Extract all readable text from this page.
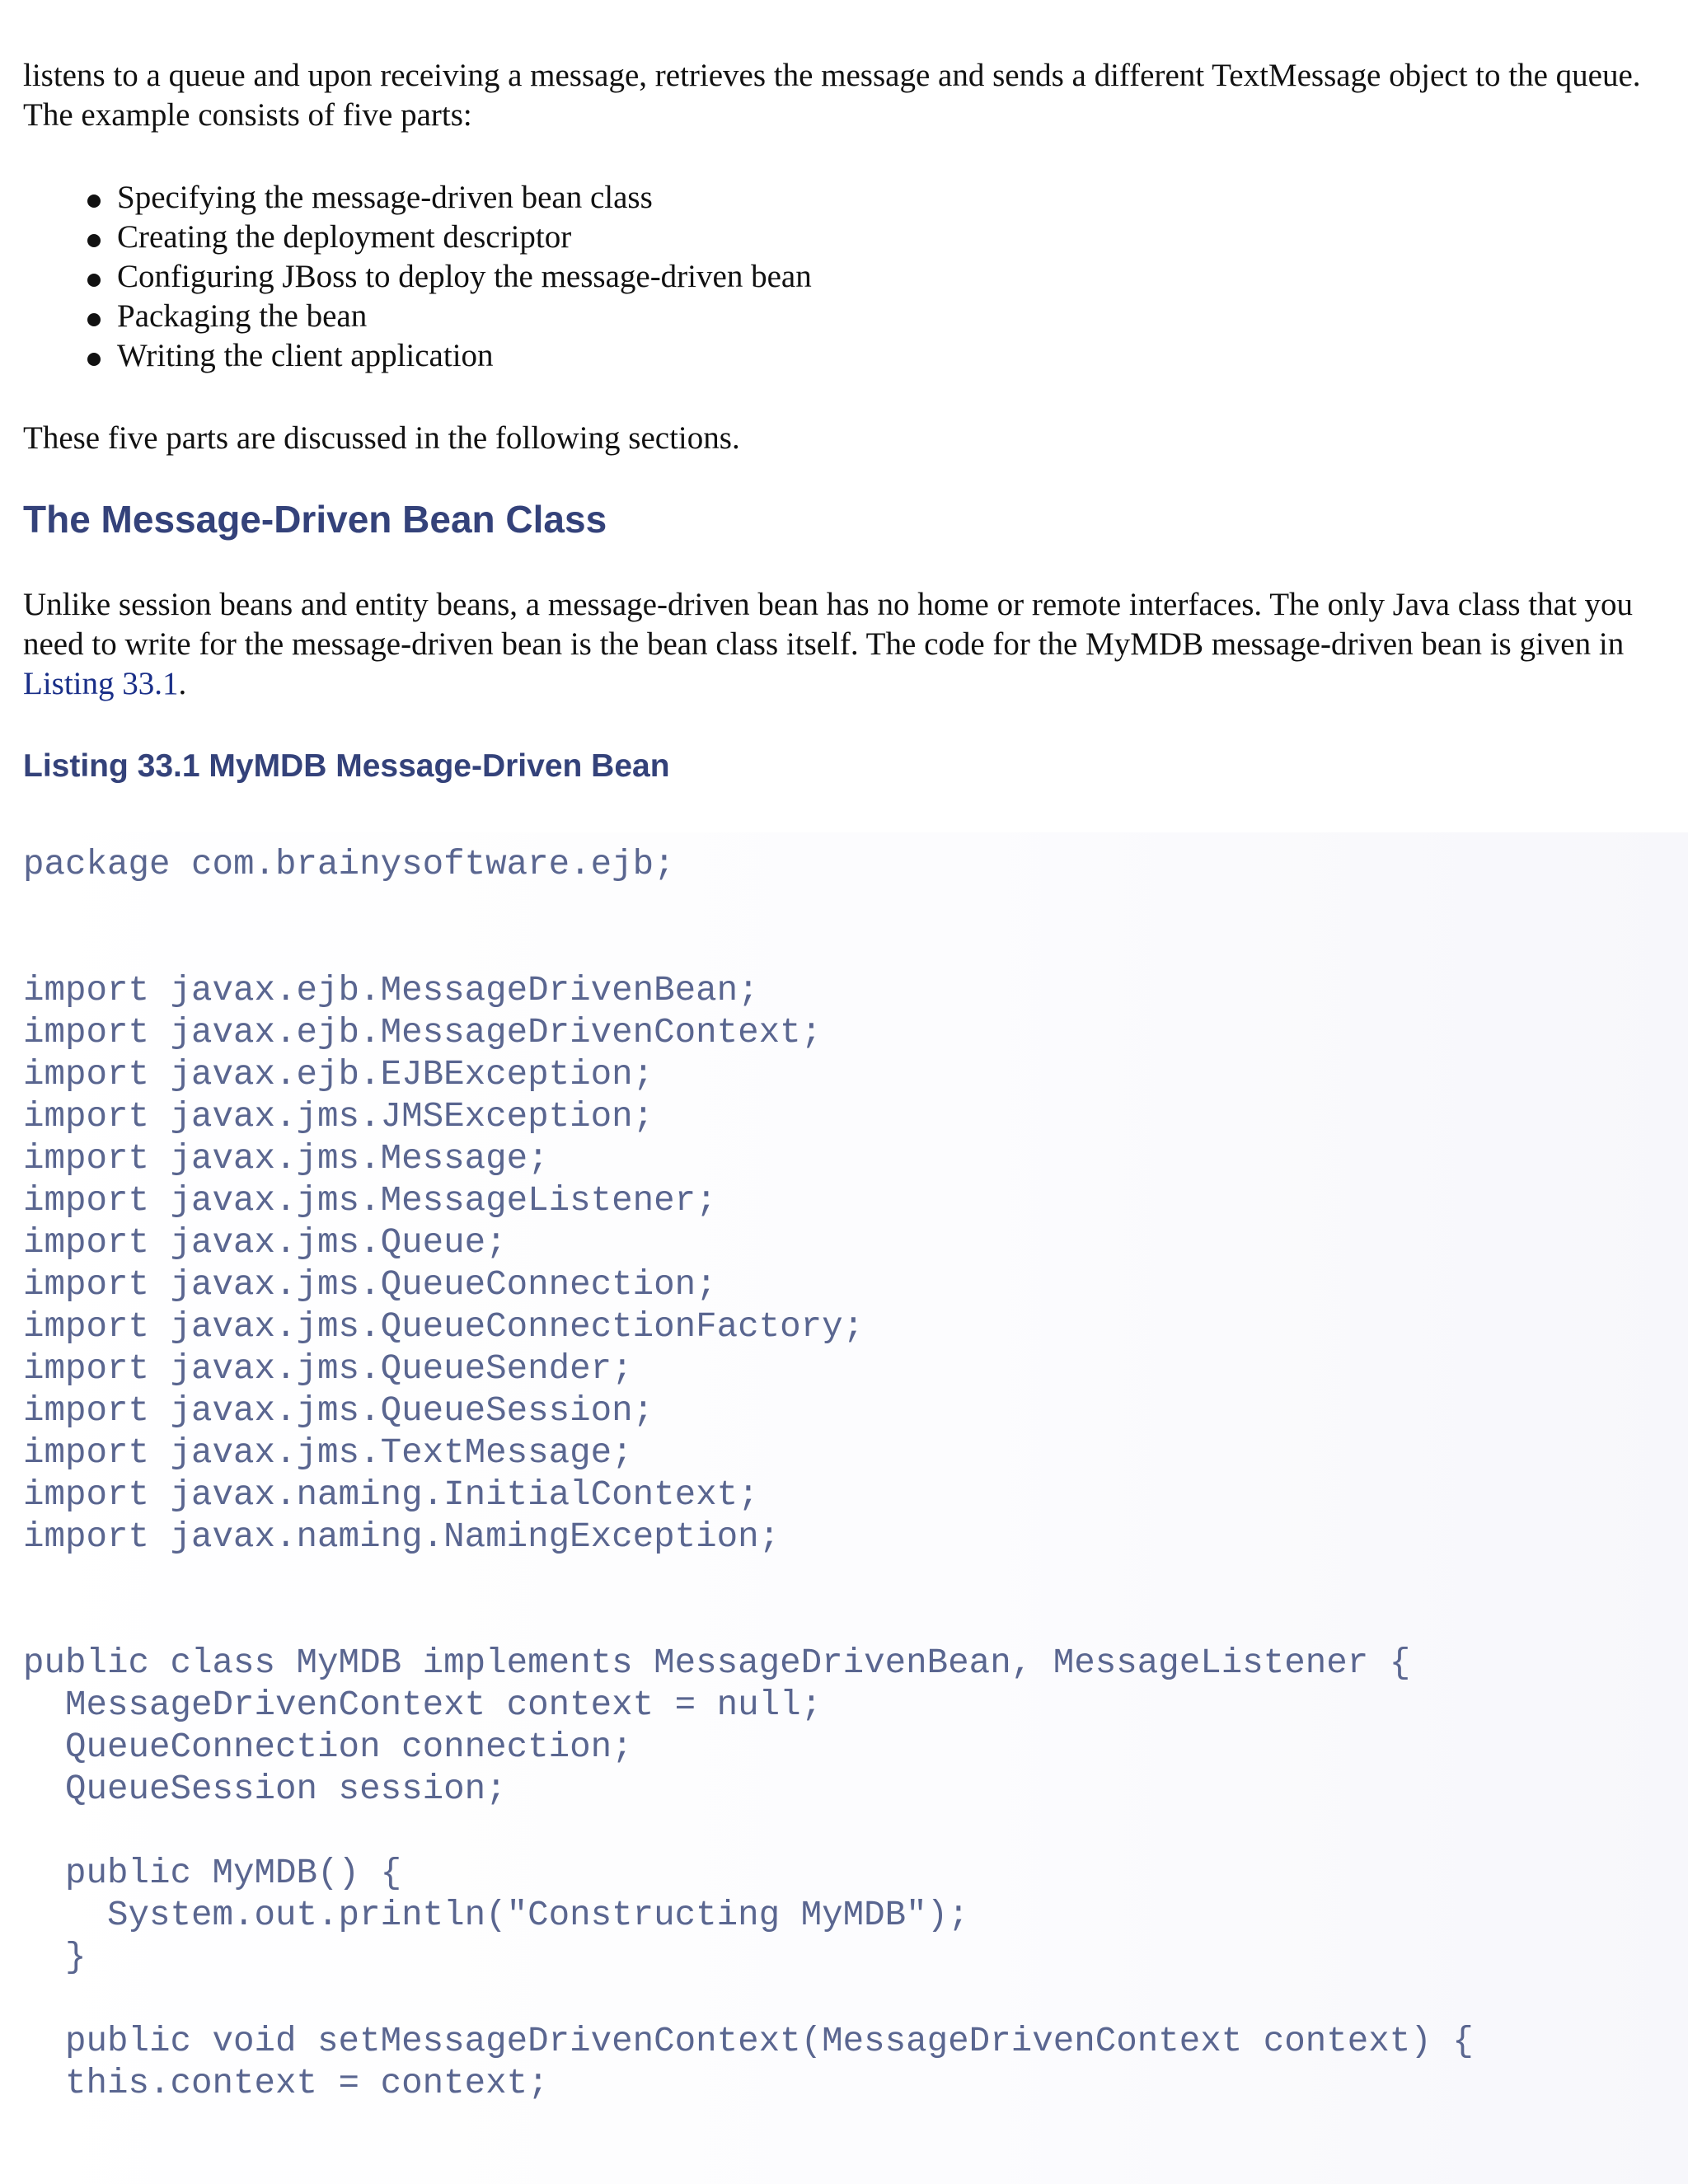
listens to a queue and upon receiving a message, retrieves the message and sends a different TextMessage object to the queue. The example consists of five parts:

Specifying the message-driven bean class
Creating the deployment descriptor
Configuring JBoss to deploy the message-driven bean
Packaging the bean
Writing the client application

These five parts are discussed in the following sections.

The Message-Driven Bean Class

Unlike session beans and entity beans, a message-driven bean has no home or remote interfaces. The only Java class that you need to write for the message-driven bean is the bean class itself. The code for the MyMDB message-driven bean is given in Listing 33.1.

Listing 33.1 MyMDB Message-Driven Bean
package com.brainysoftware.ejb;

import javax.ejb.MessageDrivenBean;
import javax.ejb.MessageDrivenContext;
import javax.ejb.EJBException;
import javax.jms.JMSException;
import javax.jms.Message;
import javax.jms.MessageListener;
import javax.jms.Queue;
import javax.jms.QueueConnection;
import javax.jms.QueueConnectionFactory;
import javax.jms.QueueSender;
import javax.jms.QueueSession;
import javax.jms.TextMessage;
import javax.naming.InitialContext;
import javax.naming.NamingException;

public class MyMDB implements MessageDrivenBean, MessageListener {
MessageDrivenContext context = null;
QueueConnection connection;
QueueSession session;

public MyMDB() {
System.out.println("Constructing MyMDB");
}

public void setMessageDrivenContext(MessageDrivenContext context) {
this.context = context;
